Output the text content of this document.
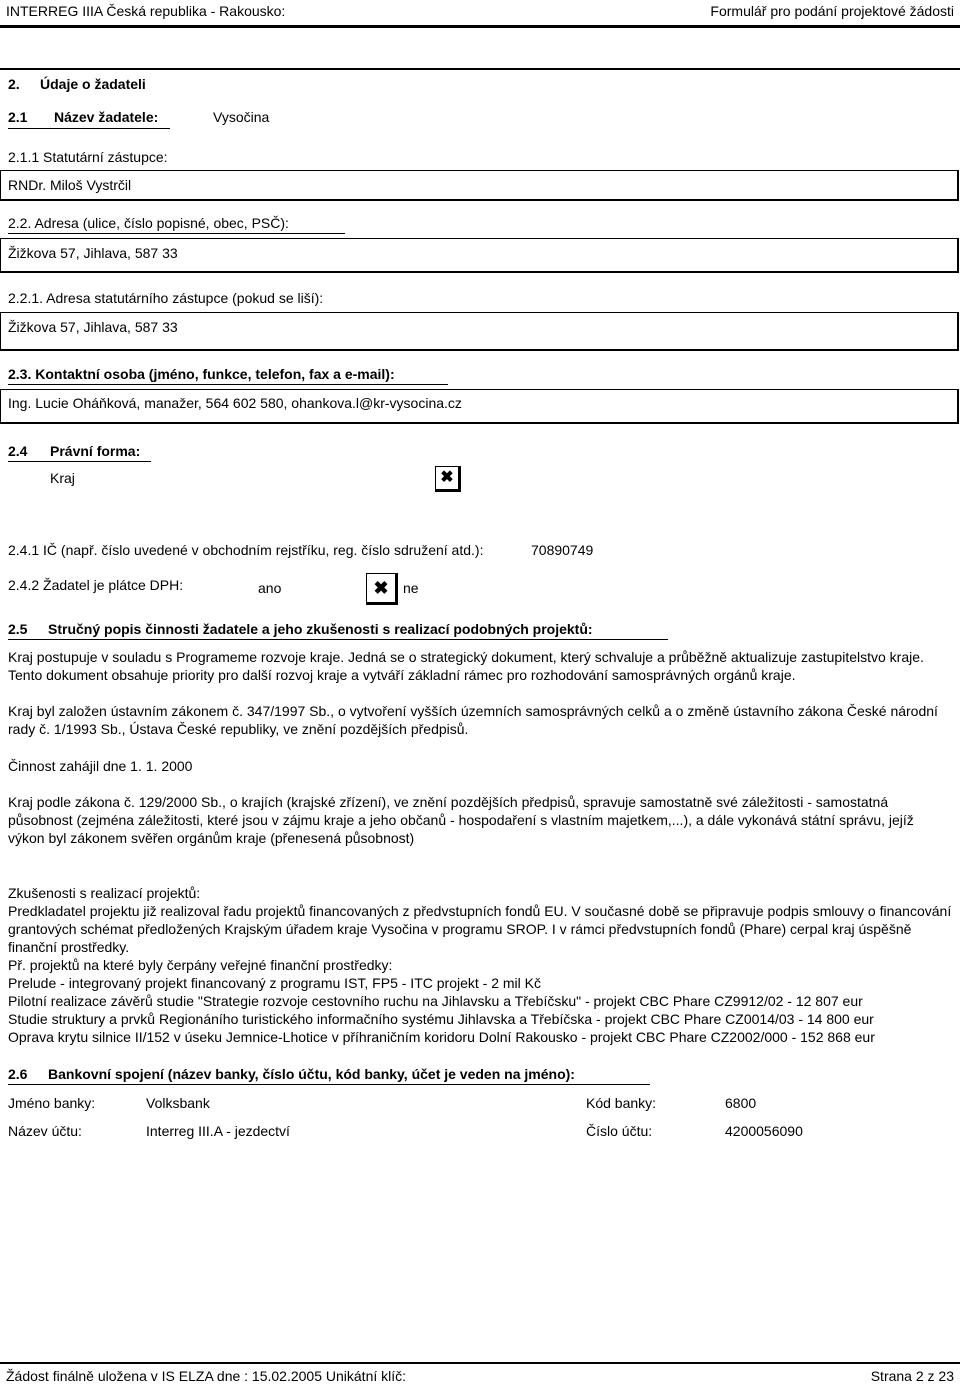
INTERREG IIIA Česká republika - Rakousko:	Formulář pro podání projektové žádosti
2. Údaje o žadateli
2.1 Název žadatele:	Vysočina
2.1.1 Statutární zástupce:
RNDr. Miloš Vystrčil
2.2. Adresa (ulice, číslo popisné, obec, PSČ):
Žižkova 57, Jihlava, 587 33
2.2.1. Adresa statutárního zástupce (pokud se liší):
Žižkova 57, Jihlava, 587 33
2.3. Kontaktní osoba (jméno, funkce, telefon, fax a e-mail):
Ing. Lucie Oháňková, manažer, 564 602 580, ohankova.l@kr-vysocina.cz
2.4 Právní forma:
Kraj	✖
2.4.1 IČ (např. číslo uvedené v obchodním rejstříku, reg. číslo sdružení atd.):	70890749
2.4.2 Žadatel je plátce DPH:	ano	✖	ne
2.5 Stručný popis činnosti žadatele a jeho zkušenosti s realizací podobných projektů:
Kraj postupuje v souladu s Programeme rozvoje kraje. Jedná se o strategický dokument, který schvaluje a průběžně aktualizuje zastupitelstvo kraje. Tento dokument obsahuje priority pro další rozvoj kraje a vytváří základní rámec pro rozhodování samosprávných orgánů kraje.
Kraj byl založen ústavním zákonem č. 347/1997 Sb., o vytvoření vyšších územních samosprávných celků a o změně ústavního zákona České národní rady č. 1/1993 Sb., Ústava České republiky, ve znění pozdějších předpisů.
Činnost zahájil dne 1. 1. 2000
Kraj podle zákona č. 129/2000 Sb., o krajích (krajské zřízení), ve znění pozdějších předpisů, spravuje samostatně své záležitosti - samostatná působnost (zejména záležitosti, které jsou v zájmu kraje a jeho občanů - hospodaření s vlastním majetkem,...), a dále vykonává státní správu, jejíž výkon byl zákonem svěřen orgánům kraje (přenesená působnost)
Zkušenosti s realizací projektů:
Predkladatel projektu již realizoval řadu projektů financovaných z předvstupních fondů EU. V současné době se připravuje podpis smlouvy o financování grantových schémat předložených Krajským úřadem kraje Vysočina v programu SROP. I v rámci předvstupních fondů (Phare) cerpal kraj úspěšně finanční prostředky.
Př. projektů na které byly čerpány veřejné finanční prostředky:
Prelude - integrovaný projekt financovaný z programu IST, FP5 - ITC projekt - 2 mil Kč
Pilotní realizace závěrů studie "Strategie rozvoje cestovního ruchu na Jihlavsku a Třebíčsku" - projekt CBC Phare CZ9912/02 - 12 807 eur
Studie struktury a prvků Regionáního turistického informačního systému Jihlavska a Třebíčska - projekt CBC Phare CZ0014/03 - 14 800 eur
Oprava krytu silnice II/152 v úseku Jemnice-Lhotice v příhraničním koridoru Dolní Rakousko - projekt CBC Phare CZ2002/000 - 152 868 eur
2.6 Bankovní spojení (název banky, číslo účtu, kód banky, účet je veden na jméno):
Jméno banky:	Volksbank	Kód banky:	6800
Název účtu:	Interreg III.A - jezdectví	Číslo účtu:	4200056090
Žádost finálně uložena v IS ELZA dne : 15.02.2005 Unikátní klíč:	Strana 2 z 23
